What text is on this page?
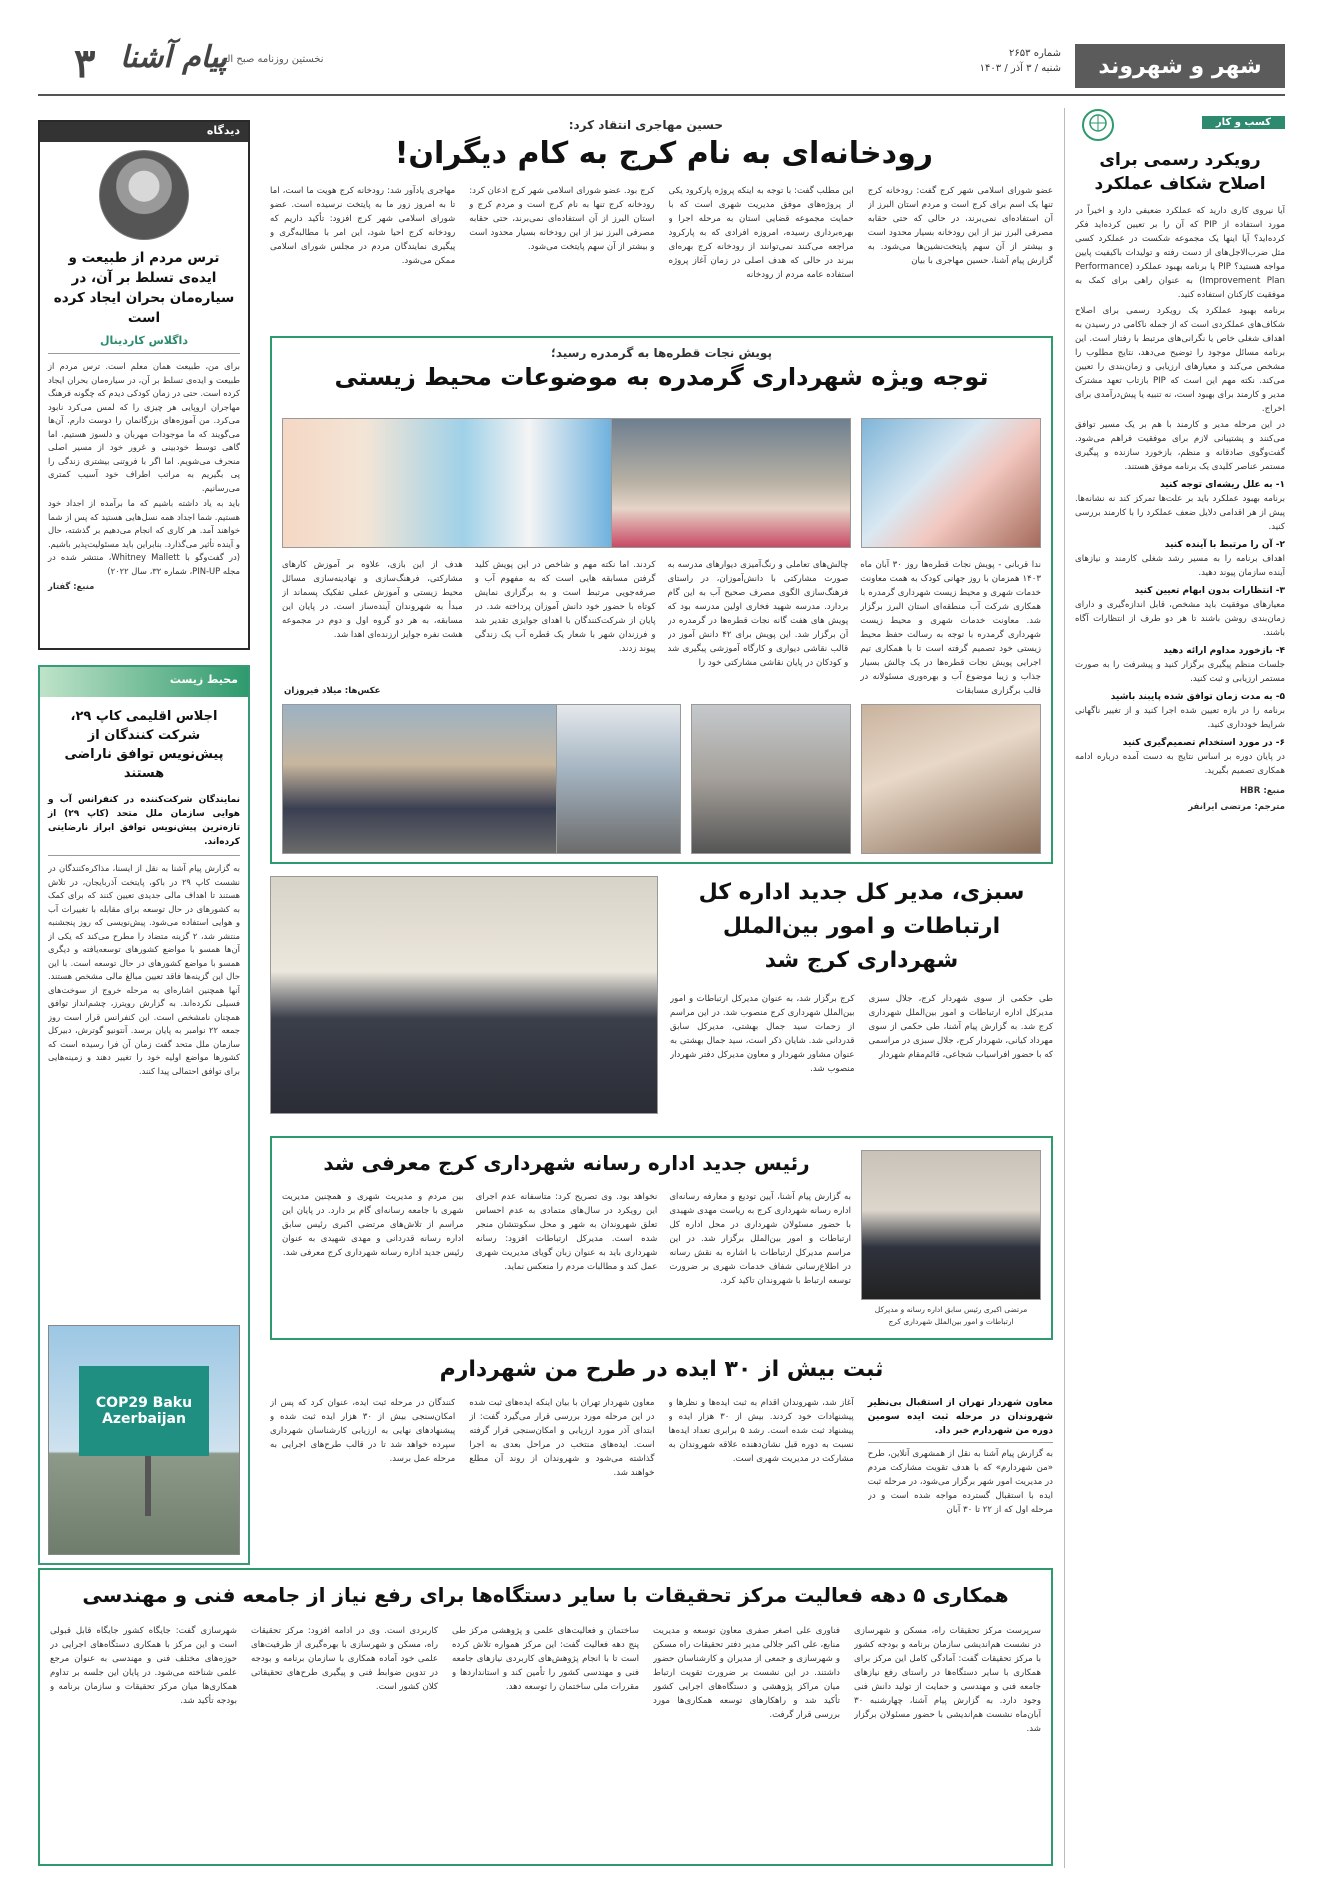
شهر و شهروند
شماره ۲۶۵۳
شنبه / ۳ آذر / ۱۴۰۳
۳ پیام آشنا
نخستین روزنامه صبح البرز
کسب و کار
رویکرد رسمی برای اصلاح شکاف عملکرد

آیا نیروی کاری دارید که عملکرد ضعیفی دارد و اخیراً در مورد استفاده از PIP که آن را بر تعیین کرده‌اید فکر کرده‌اید؟ آیا اینها یک مجموعه شکست در عملکرد کسی مثل ضرب‌الاجل‌های از دست رفته و تولیدات با‌کیفیت پایین مواجه هستید؟ PIP یا برنامه بهبود عملکرد (Performance Improvement Plan) به عنوان راهی برای کمک به موفقیت کارکنان استفاده کنید.

برنامه بهبود عملکرد یک رویکرد رسمی برای اصلاح شکاف‌های عملکردی است که از جمله ناکامی در رسیدن به اهداف شغلی خاص یا نگرانی‌های مرتبط با رفتار است. این برنامه مسائل موجود را توضیح می‌دهد، نتایج مطلوب را مشخص می‌کند و معیارهای ارزیابی و زمان‌بندی را تعیین می‌کند. نکته مهم این است که PIP بازتاب تعهد مشترک مدیر و کارمند برای بهبود است، نه تنبیه یا پیش‌درآمدی برای اخراج.

در این مرحله مدیر و کارمند با هم بر یک مسیر توافق می‌کنند و پشتیبانی لازم برای موفقیت فراهم می‌شود. گفت‌وگوی صادقانه و منظم، بازخورد سازنده و پیگیری مستمر عناصر کلیدی یک برنامه موفق هستند.

۱- به علل ریشه‌ای توجه کنید

برنامه بهبود عملکرد باید بر علت‌ها تمرکز کند نه نشانه‌ها. پیش از هر اقدامی دلایل ضعف عملکرد را با کارمند بررسی کنید.

۲- آن را مرتبط با آینده کنید

اهداف برنامه را به مسیر رشد شغلی کارمند و نیازهای آینده سازمان پیوند دهید.

۳- انتظارات بدون ابهام تعیین کنید

معیارهای موفقیت باید مشخص، قابل اندازه‌گیری و دارای زمان‌بندی روشن باشند تا هر دو طرف از انتظارات آگاه باشند.

۴- بازخورد مداوم ارائه دهید

جلسات منظم پیگیری برگزار کنید و پیشرفت را به صورت مستمر ارزیابی و ثبت کنید.

۵- به مدت زمان توافق شده پایبند باشید

برنامه را در بازه تعیین شده اجرا کنید و از تغییر ناگهانی شرایط خودداری کنید.

۶- در مورد استخدام تصمیم‌گیری کنید

در پایان دوره بر اساس نتایج به دست آمده درباره ادامه همکاری تصمیم بگیرید.

منبع: HBR

مترجم: مرتضی ایرانفر

دیدگاه
ترس مردم از طبیعت و ایده‌ی تسلط بر آن، در سیاره‌مان بحران ایجاد کرده است
داگلاس کاردینال

برای من، طبیعت همان معلم است. ترس مردم از طبیعت و ایده‌ی تسلط بر آن، در سیاره‌مان بحران ایجاد کرده است. حتی در زمان کودکی دیدم که چگونه فرهنگ مهاجران اروپایی هر چیزی را که لمس می‌کرد نابود می‌کرد. من آموزه‌های بزرگانمان را دوست دارم. آن‌ها می‌گویند که ما موجودات مهربان و دلسوز هستیم. اما گاهی توسط خودبینی و غرور خود از مسیر اصلی منحرف می‌شویم. اما اگر با فروتنی بیشتری زندگی را پی بگیریم به مراتب اطراف خود آسیب کمتری می‌رسانیم.

باید به یاد داشته باشیم که ما برآمده از اجداد خود هستیم. شما اجداد همه نسل‌هایی هستید که پس از شما خواهند آمد. هر کاری که انجام می‌دهیم بر گذشته، حال و آینده تأثیر می‌گذارد. بنابراین باید مسئولیت‌پذیر باشیم. (در گفت‌وگو با Whitney Mallett، منتشر شده در مجله PIN-UP، شماره ۳۲، سال ۲۰۲۲)

منبع: گفتار

محیط زیست
اجلاس اقلیمی کاپ ۲۹، شرکت کنندگان از پیش‌نویس توافق ناراضی هستند
نمایندگان شرکت‌کننده در کنفرانس آب و هوایی سازمان ملل متحد (کاپ ۲۹) از تازه‌ترین پیش‌نویس توافق ابراز نارضایتی کرده‌اند.
به گزارش پیام آشنا به نقل از ایسنا، مذاکره‌کنندگان در نشست کاپ ۲۹ در باکو، پایتخت آذربایجان، در تلاش هستند تا اهداف مالی جدیدی تعیین کنند که برای کمک به کشورهای در حال توسعه برای مقابله با تغییرات آب و هوایی استفاده می‌شود. پیش‌نویسی که روز پنجشنبه منتشر شد، ۲ گزینه متضاد را مطرح می‌کند که یکی از آن‌ها همسو با مواضع کشورهای توسعه‌یافته و دیگری همسو با مواضع کشورهای در حال توسعه است. با این حال این گزینه‌ها فاقد تعیین مبالغ مالی مشخص هستند. آنها همچنین اشاره‌ای به مرحله خروج از سوخت‌های فسیلی نکرده‌اند. به گزارش رویترز، چشم‌انداز توافق همچنان نامشخص است. این کنفرانس قرار است روز جمعه ۲۲ نوامبر به پایان برسد. آنتونیو گوترش، دبیرکل سازمان ملل متحد گفت زمان آن فرا رسیده است که کشورها مواضع اولیه خود را تغییر دهند و زمینه‌هایی برای توافق احتمالی پیدا کنند.
COP29 Baku Azerbaijan
حسین مهاجری انتقاد کرد:
رودخانه‌ای به نام کرج به کام دیگران!
عضو شورای اسلامی شهر کرج گفت: رودخانه کرج تنها یک اسم برای کرج است و مردم استان البرز از آن استفاده‌ای نمی‌برند، در حالی که حتی حقابه مصرفی البرز نیز از این رودخانه بسیار محدود است و بیشتر از آن سهم پایتخت‌نشین‌ها می‌شود. به گزارش پیام آشنا، حسین مهاجری با بیان
این مطلب گفت: با توجه به اینکه پروژه پارکرود یکی از پروژه‌های موفق مدیریت شهری است که با حمایت مجموعه قضایی استان به مرحله اجرا و بهره‌برداری رسیده، امروزه افرادی که به پارکرود مراجعه می‌کنند نمی‌توانند از رودخانه کرج بهره‌ای ببرند در حالی که هدف اصلی در زمان آغاز پروژه استفاده عامه مردم از رودخانه
کرج بود. عضو شورای اسلامی شهر کرج اذعان کرد: رودخانه کرج تنها به نام کرج است و مردم کرج و استان البرز از آن استفاده‌ای نمی‌برند، حتی حقابه مصرفی البرز نیز از این رودخانه بسیار محدود است و بیشتر از آن سهم پایتخت می‌شود.
مهاجری یادآور شد: رودخانه کرج هویت ما است، اما تا به امروز زور ما به پایتخت نرسیده است. عضو شورای اسلامی شهر کرج افزود: تأکید داریم که رودخانه کرج احیا شود، این امر با مطالبه‌گری و پیگیری نمایندگان مردم در مجلس شورای اسلامی ممکن می‌شود.
پویش نجات قطره‌ها به گرمدره رسید؛
توجه ویژه شهرداری گرمدره به موضوعات محیط زیستی
ندا قربانی - پویش نجات قطره‌ها روز ۳۰ آبان ماه ۱۴۰۳ همزمان با روز جهانی کودک به همت معاونت خدمات شهری و محیط زیست شهرداری گرمدره با همکاری شرکت آب منطقه‌ای استان البرز برگزار شد. معاونت خدمات شهری و محیط زیست شهرداری گرمدره با توجه به رسالت حفظ محیط زیستی خود تصمیم گرفته است تا با همکاری تیم اجرایی پویش نجات قطره‌ها در یک چالش بسیار جذاب و زیبا موضوع آب و بهره‌وری مسئولانه در قالب برگزاری مسابقات
چالش‌های تعاملی و رنگ‌آمیزی دیوارهای مدرسه به صورت مشارکتی با دانش‌آموزان، در راستای فرهنگ‌سازی الگوی مصرف صحیح آب به این گام بردارد. مدرسه شهید فخاری اولین مدرسه بود که پویش های هفت گانه نجات قطره‌ها در گرمدره در آن برگزار شد. این پویش برای ۴۲ دانش آموز در قالب نقاشی دیواری و کارگاه آموزشی پیگیری شد و کودکان در پایان نقاشی مشارکتی خود را
کردند. اما نکته مهم و شاخص در این پویش کلید گرفتن مسابقه ‌هایی است که به مفهوم آب و صرفه‌جویی مرتبط است و به برگزاری نمایش کوتاه با حضور خود دانش آموزان پرداخته شد. در پایان از شرکت‌کنندگان با اهدای جوایزی تقدیر شد و فرزندان شهر با شعار یک قطره آب یک زندگی پیوند زدند.
هدف از این بازی، علاوه بر آموزش کارهای مشارکتی، فرهنگ‌سازی و نهادینه‌سازی مسائل محیط زیستی و آموزش عملی تفکیک پسماند از مبدأ به شهروندان آینده‌ساز است. در پایان این مسابقه، به هر دو گروه اول و دوم در مجموعه هشت نفره جوایز ارزنده‌ای اهدا شد.
عکس‌ها: میلاد فیروزان
سبزی، مدیر کل جدید اداره کل ارتباطات و امور بین‌الملل شهرداری کرج شد
طی حکمی از سوی شهردار کرج، جلال سبزی مدیرکل اداره ارتباطات و امور بین‌الملل شهرداری کرج شد. به گزارش پیام آشنا، طی حکمی از سوی مهرداد کیانی، شهردار کرج، جلال سبزی در مراسمی که با حضور افراسیاب شجاعی، قائم‌مقام شهردار
کرج برگزار شد، به عنوان مدیرکل ارتباطات و امور بین‌الملل شهرداری کرج منصوب شد. در این مراسم از زحمات سید جمال بهشتی، مدیرکل سابق قدردانی شد. شایان ذکر است، سید جمال بهشتی به عنوان مشاور شهردار و معاون مدیرکل دفتر شهردار منصوب شد.
رئیس جدید اداره رسانه شهرداری کرج معرفی شد
مرتضی اکبری رئیس سابق اداره رسانه و مدیرکل ارتباطات و امور بین‌الملل شهرداری کرج
به گزارش پیام آشنا، آیین تودیع و معارفه رسانه‌ای اداره رسانه شهرداری کرج به ریاست مهدی شهیدی با حضور مسئولان شهرداری در محل اداره کل ارتباطات و امور بین‌الملل برگزار شد. در این مراسم مدیرکل ارتباطات با اشاره به نقش رسانه در اطلاع‌رسانی شفاف خدمات شهری بر ضرورت توسعه ارتباط با شهروندان تاکید کرد.
نخواهد بود. وی تصریح کرد: متاسفانه عدم اجرای این رویکرد در سال‌های متمادی به عدم احساس تعلق شهروندان به شهر و محل سکونتشان منجر شده است. مدیرکل ارتباطات افزود: رسانه شهرداری باید به عنوان زبان گویای مدیریت شهری عمل کند و مطالبات مردم را منعکس نماید.
بین مردم و مدیریت شهری و همچنین مدیریت شهری با جامعه رسانه‌ای گام بر دارد. در پایان این مراسم از تلاش‌های مرتضی اکبری رئیس سابق اداره رسانه قدردانی و مهدی شهیدی به عنوان رئیس جدید اداره رسانه شهرداری کرج معرفی شد.
ثبت بیش از ۳۰ ایده در طرح من شهردارم
معاون شهردار تهران از استقبال بی‌نظیر شهروندان در مرحله ثبت ایده سومین دوره من شهردارم خبر داد.
به گزارش پیام آشنا به نقل از همشهری آنلاین، طرح «من شهردارم» که با هدف تقویت مشارکت مردم در مدیریت امور شهر برگزار می‌شود، در مرحله ثبت ایده با استقبال گسترده مواجه شده است و در مرحله اول که از ۲۲ تا ۳۰ آبان
آغاز شد، شهروندان اقدام به ثبت ایده‌ها و نظرها و پیشنهادات خود کردند. بیش از ۳۰ هزار ایده و پیشنهاد ثبت شده است. رشد ۵ برابری تعداد ایده‌ها نسبت به دوره قبل نشان‌دهنده علاقه شهروندان به مشارکت در مدیریت شهری است.
معاون شهردار تهران با بیان اینکه ایده‌های ثبت شده در این مرحله مورد بررسی قرار می‌گیرد گفت: از ابتدای آذر مورد ارزیابی و امکان‌سنجی قرار گرفته است. ایده‌های منتخب در مراحل بعدی به اجرا گذاشته می‌شود و شهروندان از روند آن مطلع خواهند شد.
کنندگان در مرحله ثبت ایده، عنوان کرد که پس از امکان‌سنجی بیش از ۳۰ هزار ایده ثبت شده و پیشنهادهای نهایی به ارزیابی کارشناسان شهرداری سپرده خواهد شد تا در قالب طرح‌های اجرایی به مرحله عمل برسد.
همکاری ۵ دهه فعالیت مرکز تحقیقات با سایر دستگاه‌ها برای رفع نیاز از جامعه فنی و مهندسی
سرپرست مرکز تحقیقات راه، مسکن و شهرسازی در نشست هم‌اندیشی سازمان برنامه و بودجه کشور با مرکز تحقیقات گفت: آمادگی کامل این مرکز برای همکاری با سایر دستگاه‌ها در راستای رفع نیازهای جامعه فنی و مهندسی و حمایت از تولید دانش فنی وجود دارد. به گزارش پیام آشنا، چهارشنبه ۳۰ آبان‌ماه نشست هم‌اندیشی با حضور مسئولان برگزار شد.
فناوری علی اصغر صفری معاون توسعه و مدیریت منابع، علی اکبر جلالی مدیر دفتر تحقیقات راه مسکن و شهرسازی و جمعی از مدیران و کارشناسان حضور داشتند. در این نشست بر ضرورت تقویت ارتباط میان مراکز پژوهشی و دستگاه‌های اجرایی کشور تأکید شد و راهکارهای توسعه همکاری‌ها مورد بررسی قرار گرفت.
ساختمان و فعالیت‌های علمی و پژوهشی مرکز طی پنج دهه فعالیت گفت: این مرکز همواره تلاش کرده است تا با انجام پژوهش‌های کاربردی نیازهای جامعه فنی و مهندسی کشور را تأمین کند و استانداردها و مقررات ملی ساختمان را توسعه دهد.
کاربردی است. وی در ادامه افزود: مرکز تحقیقات راه، مسکن و شهرسازی با بهره‌گیری از ظرفیت‌های علمی خود آماده همکاری با سازمان برنامه و بودجه در تدوین ضوابط فنی و پیگیری طرح‌های تحقیقاتی کلان کشور است.
شهرسازی گفت: جایگاه کشور جایگاه قابل قبولی است و این مرکز با همکاری دستگاه‌های اجرایی در حوزه‌های مختلف فنی و مهندسی به عنوان مرجع علمی شناخته می‌شود. در پایان این جلسه بر تداوم همکاری‌ها میان مرکز تحقیقات و سازمان برنامه و بودجه تأکید شد.
